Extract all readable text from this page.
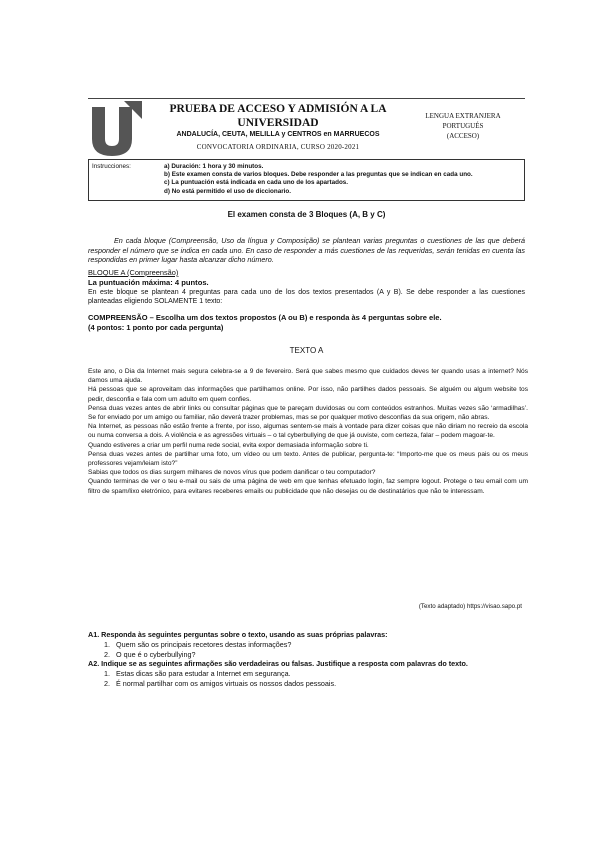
PRUEBA DE ACCESO Y ADMISIÓN A LA
UNIVERSIDAD
ANDALUCÍA, CEUTA, MELILLA y CENTROS en MARRUECOS
CONVOCATORIA ORDINARIA, CURSO 2020-2021
LENGUA EXTRANJERA
PORTUGUÉS
(ACCESO)
Instrucciones:	a) Duración: 1 hora y 30 minutos.
b) Este examen consta de varios bloques. Debe responder a las preguntas que se indican en cada uno.
c) La puntuación está indicada en cada uno de los apartados.
d) No está permitido el uso de diccionario.
El examen consta de 3 Bloques (A, B y C)
En cada bloque (Compreensão, Uso da língua y Composição) se plantean varias preguntas o cuestiones de las que deberá responder el número que se indica en cada uno. En caso de responder a más cuestiones de las requeridas, serán tenidas en cuenta las respondidas en primer lugar hasta alcanzar dicho número.
BLOQUE A (Compreensão)
La puntuación máxima: 4 puntos.
En este bloque se plantean 4 preguntas para cada uno de los dos textos presentados (A y B). Se debe responder a las cuestiones planteadas eligiendo SOLAMENTE 1 texto:
COMPREENSÃO – Escolha um dos textos propostos (A ou B) e responda às 4 perguntas sobre ele.
(4 pontos: 1 ponto por cada pergunta)
TEXTO A

Este ano, o Dia da Internet mais segura celebra-se a 9 de fevereiro. Será que sabes mesmo que cuidados deves ter quando usas a internet? Nós damos uma ajuda.

Há pessoas que se aproveitam das informações que partilhamos online. Por isso, não partilhes dados pessoais. Se alguém ou algum website tos pedir, desconfia e fala com um adulto em quem confies.

Pensa duas vezes antes de abrir links ou consultar páginas que te pareçam duvidosas ou com conteúdos estranhos. Muitas vezes são ‘armadilhas’. Se for enviado por um amigo ou familiar, não deverá trazer problemas, mas se por qualquer motivo desconfias da sua origem, não abras.

Na Internet, as pessoas não estão frente a frente, por isso, algumas sentem-se mais à vontade para dizer coisas que não diriam no recreio da escola ou numa conversa a dois. A violência e as agressões virtuais – o tal cyberbullying de que já ouviste, com certeza, falar – podem magoar-te.

Quando estiveres a criar um perfil numa rede social, evita expor demasiada informação sobre ti.

Pensa duas vezes antes de partilhar uma foto, um vídeo ou um texto. Antes de publicar, pergunta-te: “Importo-me que os meus pais ou os meus professores vejam/leiam isto?”

Sabias que todos os dias surgem milhares de novos vírus que podem danificar o teu computador?

Quando terminas de ver o teu e-mail ou sais de uma página de web em que tenhas efetuado login, faz sempre logout. Protege o teu email com um filtro de spam/lixo eletrónico, para evitares receberes emails ou publicidade que não desejas ou de destinatários que não te interessam.

(Texto adaptado) https://visao.sapo.pt
A1. Responda às seguintes perguntas sobre o texto, usando as suas próprias palavras:
1. Quem são os principais recetores destas informações?
2. O que é o cyberbullying?
A2. Indique se as seguintes afirmações são verdadeiras ou falsas. Justifique a resposta com palavras do texto.
1. Estas dicas são para estudar a Internet em segurança.
2. É normal partilhar com os amigos virtuais os nossos dados pessoais.
